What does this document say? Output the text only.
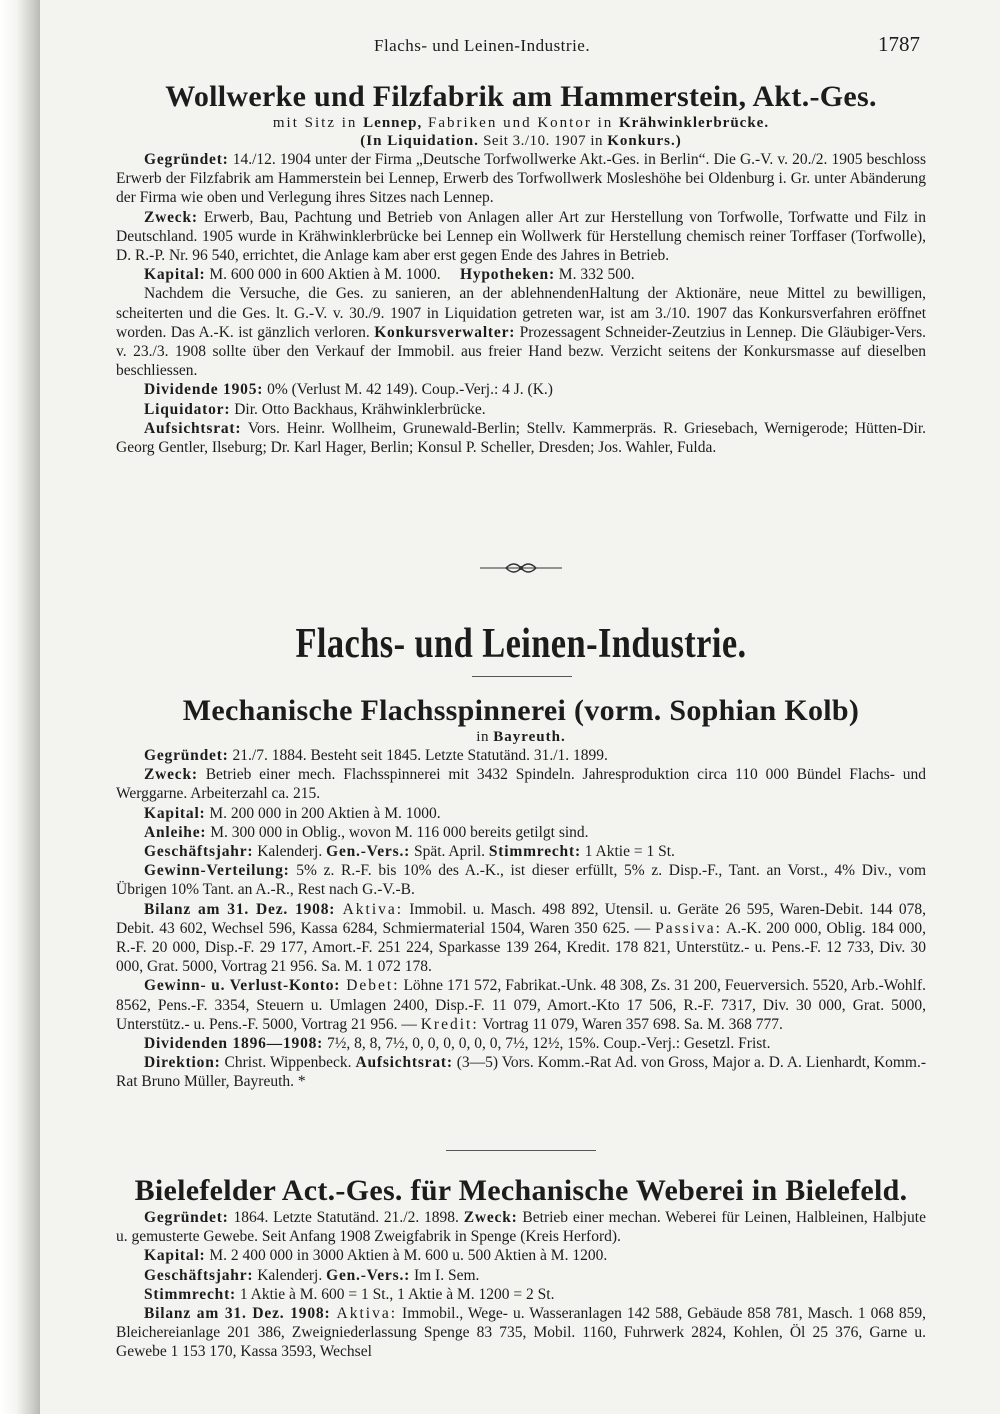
Flachs- und Leinen-Industrie.	1787
Wollwerke und Filzfabrik am Hammerstein, Akt.-Ges.
mit Sitz in Lennep, Fabriken und Kontor in Krähwinklerbrücke.
(In Liquidation. Seit 3./10. 1907 in Konkurs.)

Gegründet: 14./12. 1904 unter der Firma „Deutsche Torfwollwerke Akt.-Ges. in Berlin“. Die G.-V. v. 20./2. 1905 beschloss Erwerb der Filzfabrik am Hammerstein bei Lennep, Erwerb des Torfwollwerk Mosleshöhe bei Oldenburg i. Gr. unter Abänderung der Firma wie oben und Verlegung ihres Sitzes nach Lennep.

Zweck: Erwerb, Bau, Pachtung und Betrieb von Anlagen aller Art zur Herstellung von Torfwolle, Torfwatte und Filz in Deutschland. 1905 wurde in Krähwinklerbrücke bei Lennep ein Wollwerk für Herstellung chemisch reiner Torffaser (Torfwolle), D. R.-P. Nr. 96 540, errichtet, die Anlage kam aber erst gegen Ende des Jahres in Betrieb.

Kapital: M. 600 000 in 600 Aktien à M. 1000. Hypotheken: M. 332 500.

Nachdem die Versuche, die Ges. zu sanieren, an der ablehnendenHaltung der Aktionäre, neue Mittel zu bewilligen, scheiterten und die Ges. lt. G.-V. v. 30./9. 1907 in Liquidation getreten war, ist am 3./10. 1907 das Konkursverfahren eröffnet worden. Das A.-K. ist gänzlich verloren. Konkursverwalter: Prozessagent Schneider-Zeutzius in Lennep. Die Gläubiger-Vers. v. 23./3. 1908 sollte über den Verkauf der Immobil. aus freier Hand bezw. Verzicht seitens der Konkursmasse auf dieselben beschliessen.

Dividende 1905: 0% (Verlust M. 42 149). Coup.-Verj.: 4 J. (K.)

Liquidator: Dir. Otto Backhaus, Krähwinklerbrücke.

Aufsichtsrat: Vors. Heinr. Wollheim, Grunewald-Berlin; Stellv. Kammerpräs. R. Griesebach, Wernigerode; Hütten-Dir. Georg Gentler, Ilseburg; Dr. Karl Hager, Berlin; Konsul P. Scheller, Dresden; Jos. Wahler, Fulda.

Flachs- und Leinen-Industrie.
Mechanische Flachsspinnerei (vorm. Sophian Kolb)
in Bayreuth.

Gegründet: 21./7. 1884. Besteht seit 1845. Letzte Statutänd. 31./1. 1899.

Zweck: Betrieb einer mech. Flachsspinnerei mit 3432 Spindeln. Jahresproduktion circa 110 000 Bündel Flachs- und Werggarne. Arbeiterzahl ca. 215.

Kapital: M. 200 000 in 200 Aktien à M. 1000.

Anleihe: M. 300 000 in Oblig., wovon M. 116 000 bereits getilgt sind.

Geschäftsjahr: Kalenderj. Gen.-Vers.: Spät. April. Stimmrecht: 1 Aktie = 1 St.

Gewinn-Verteilung: 5% z. R.-F. bis 10% des A.-K., ist dieser erfüllt, 5% z. Disp.-F., Tant. an Vorst., 4% Div., vom Übrigen 10% Tant. an A.-R., Rest nach G.-V.-B.

Bilanz am 31. Dez. 1908: Aktiva: Immobil. u. Masch. 498 892, Utensil. u. Geräte 26 595, Waren-Debit. 144 078, Debit. 43 602, Wechsel 596, Kassa 6284, Schmiermaterial 1504, Waren 350 625. — Passiva: A.-K. 200 000, Oblig. 184 000, R.-F. 20 000, Disp.-F. 29 177, Amort.-F. 251 224, Sparkasse 139 264, Kredit. 178 821, Unterstütz.- u. Pens.-F. 12 733, Div. 30 000, Grat. 5000, Vortrag 21 956. Sa. M. 1 072 178.

Gewinn- u. Verlust-Konto: Debet: Löhne 171 572, Fabrikat.-Unk. 48 308, Zs. 31 200, Feuerversich. 5520, Arb.-Wohlf. 8562, Pens.-F. 3354, Steuern u. Umlagen 2400, Disp.-F. 11 079, Amort.-Kto 17 506, R.-F. 7317, Div. 30 000, Grat. 5000, Unterstütz.- u. Pens.-F. 5000, Vortrag 21 956. — Kredit: Vortrag 11 079, Waren 357 698. Sa. M. 368 777.

Dividenden 1896—1908: 7½, 8, 8, 7½, 0, 0, 0, 0, 0, 0, 7½, 12½, 15%. Coup.-Verj.: Gesetzl. Frist.

Direktion: Christ. Wippenbeck. Aufsichtsrat: (3—5) Vors. Komm.-Rat Ad. von Gross, Major a. D. A. Lienhardt, Komm.-Rat Bruno Müller, Bayreuth. *

Bielefelder Act.-Ges. für Mechanische Weberei in Bielefeld.

Gegründet: 1864. Letzte Statutänd. 21./2. 1898. Zweck: Betrieb einer mechan. Weberei für Leinen, Halbleinen, Halbjute u. gemusterte Gewebe. Seit Anfang 1908 Zweigfabrik in Spenge (Kreis Herford).

Kapital: M. 2 400 000 in 3000 Aktien à M. 600 u. 500 Aktien à M. 1200.

Geschäftsjahr: Kalenderj. Gen.-Vers.: Im I. Sem.

Stimmrecht: 1 Aktie à M. 600 = 1 St., 1 Aktie à M. 1200 = 2 St.

Bilanz am 31. Dez. 1908: Aktiva: Immobil., Wege- u. Wasseranlagen 142 588, Gebäude 858 781, Masch. 1 068 859, Bleichereianlage 201 386, Zweigniederlassung Spenge 83 735, Mobil. 1160, Fuhrwerk 2824, Kohlen, Öl 25 376, Garne u. Gewebe 1 153 170, Kassa 3593, Wechsel
